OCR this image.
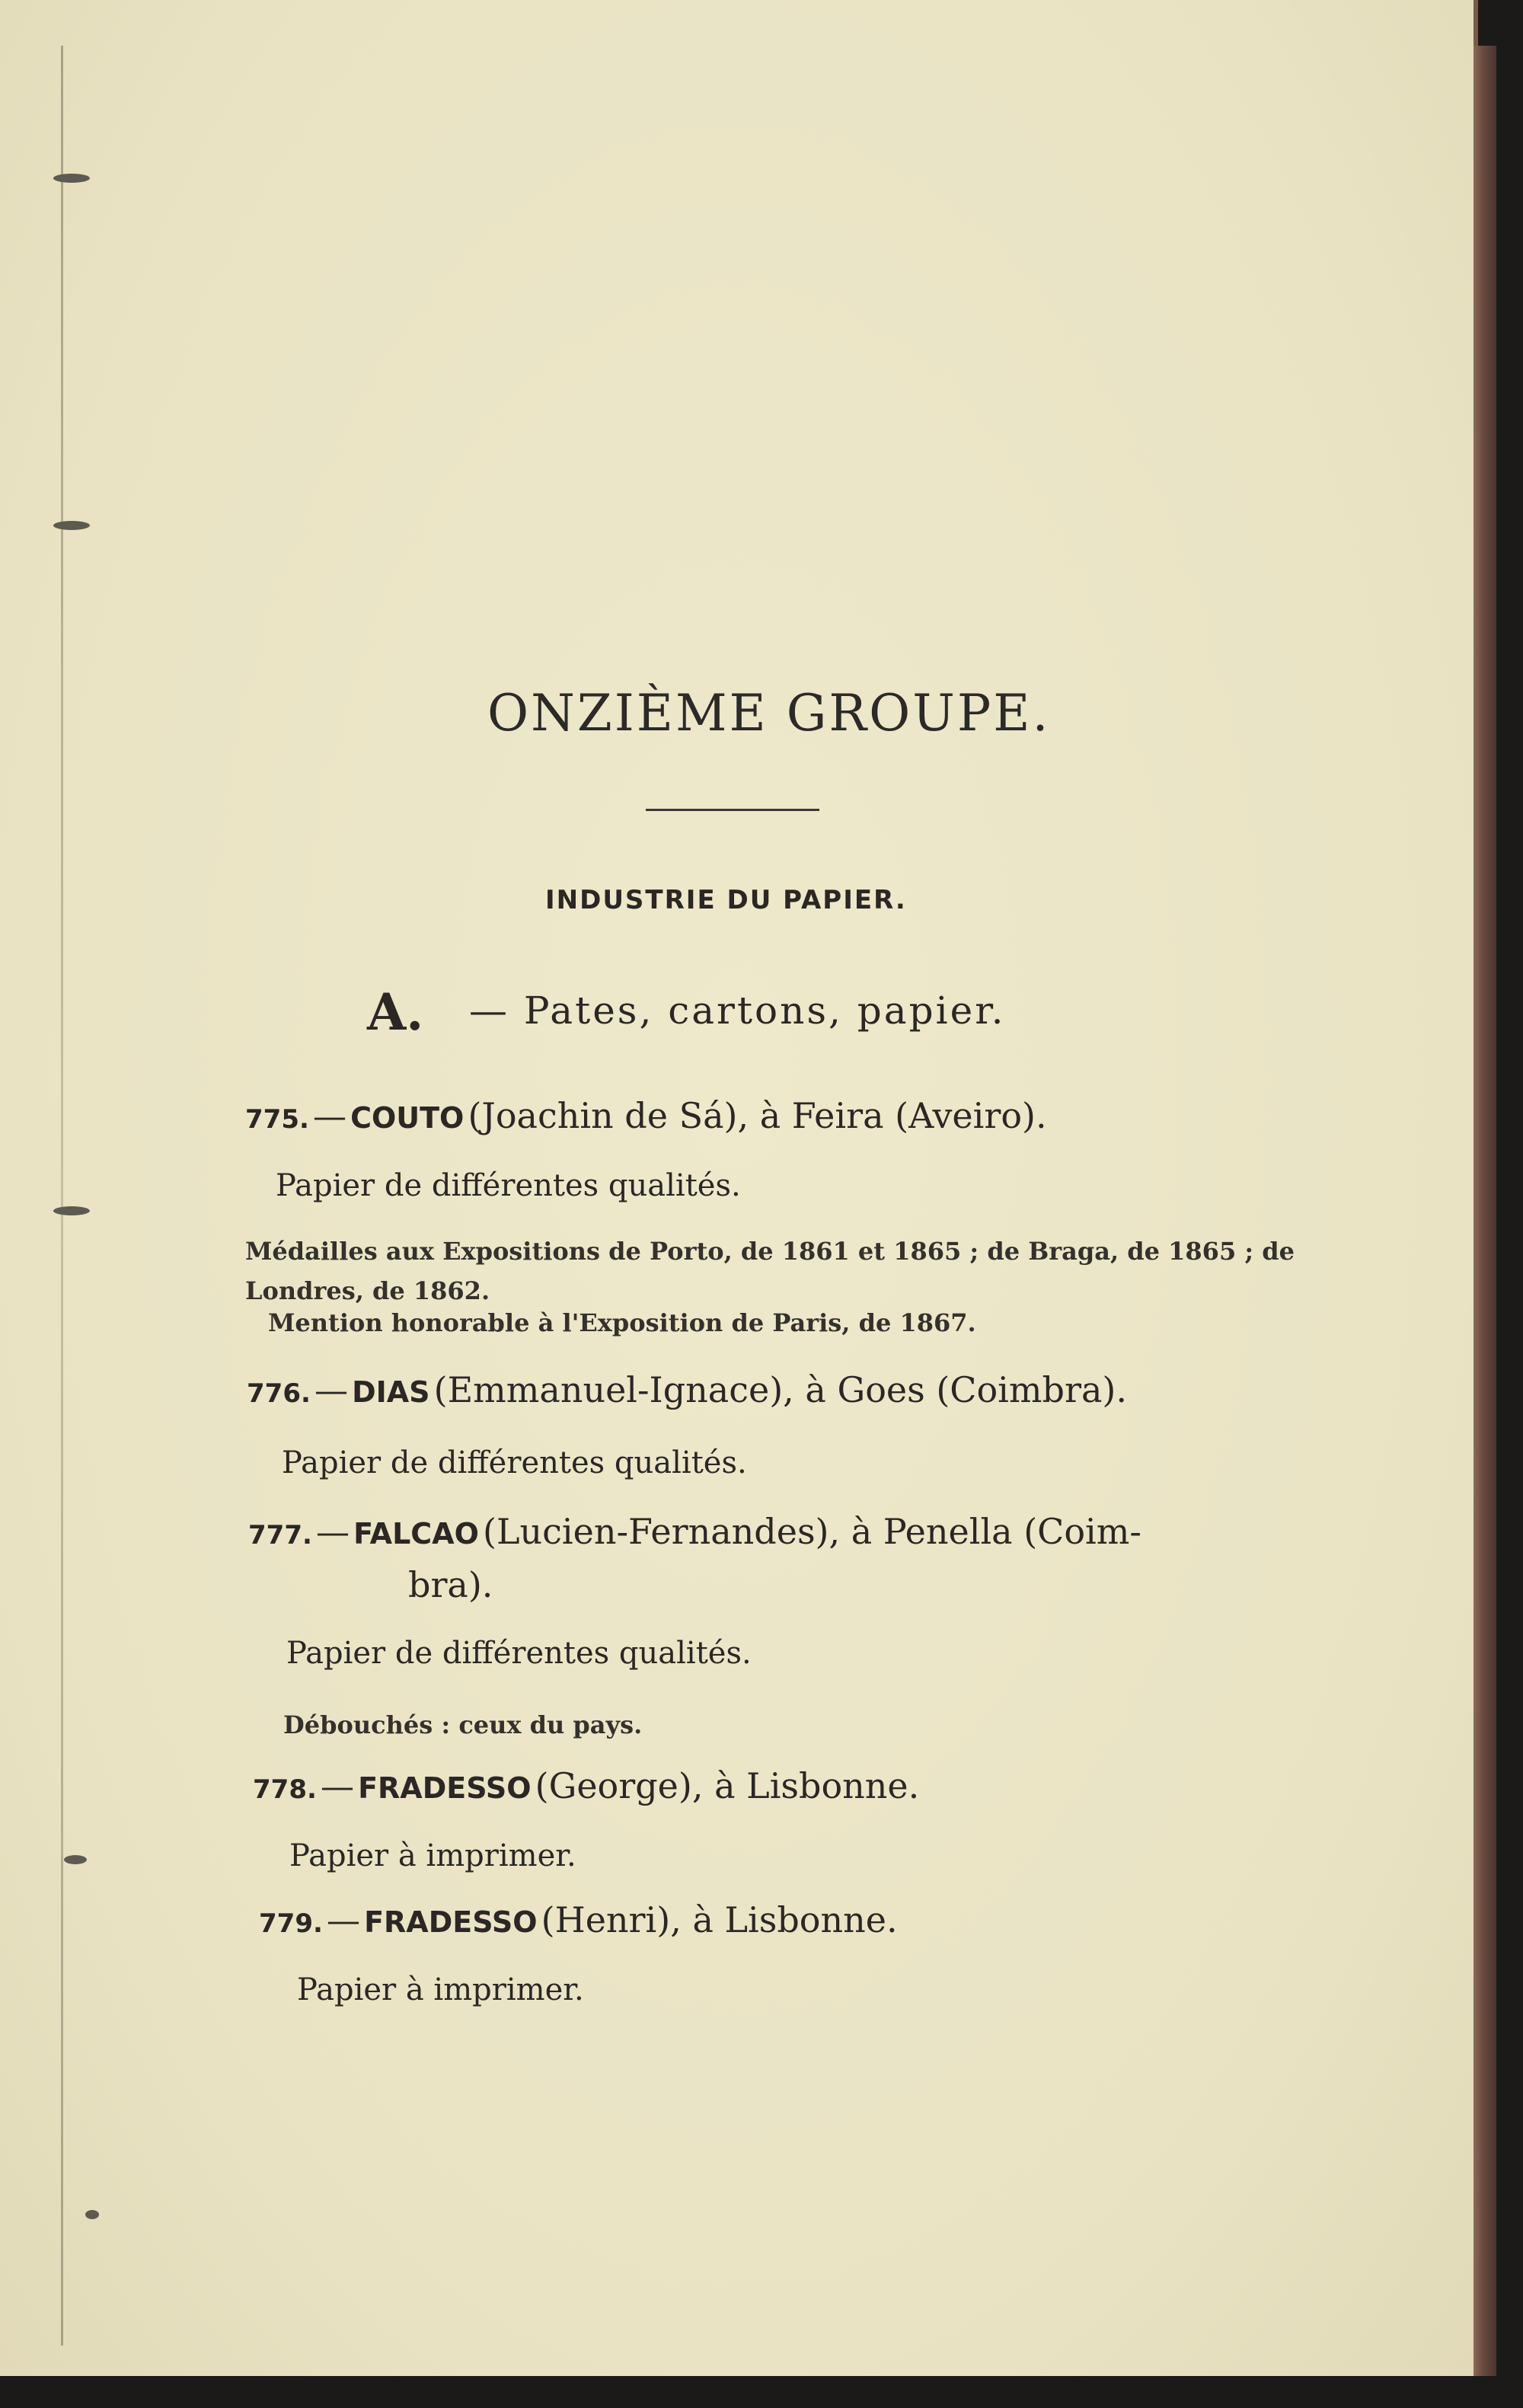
ONZIÈME GROUPE.
INDUSTRIE DU PAPIER.
A. — Pates, cartons, papier.
775. — COUTO (Joachin de Sá), à Feira (Aveiro).
Papier de différentes qualités.
Médailles aux Expositions de Porto, de 1861 et 1865 ; de Braga, de 1865 ; de
Londres, de 1862.
Mention honorable à l'Exposition de Paris, de 1867.
776. — DIAS (Emmanuel-Ignace), à Goes (Coimbra).
Papier de différentes qualités.
777. — FALCAO (Lucien-Fernandes), à Penella (Coim-
bra).
Papier de différentes qualités.
Débouchés : ceux du pays.
778. — FRADESSO (George), à Lisbonne.
Papier à imprimer.
779. — FRADESSO (Henri), à Lisbonne.
Papier à imprimer.
